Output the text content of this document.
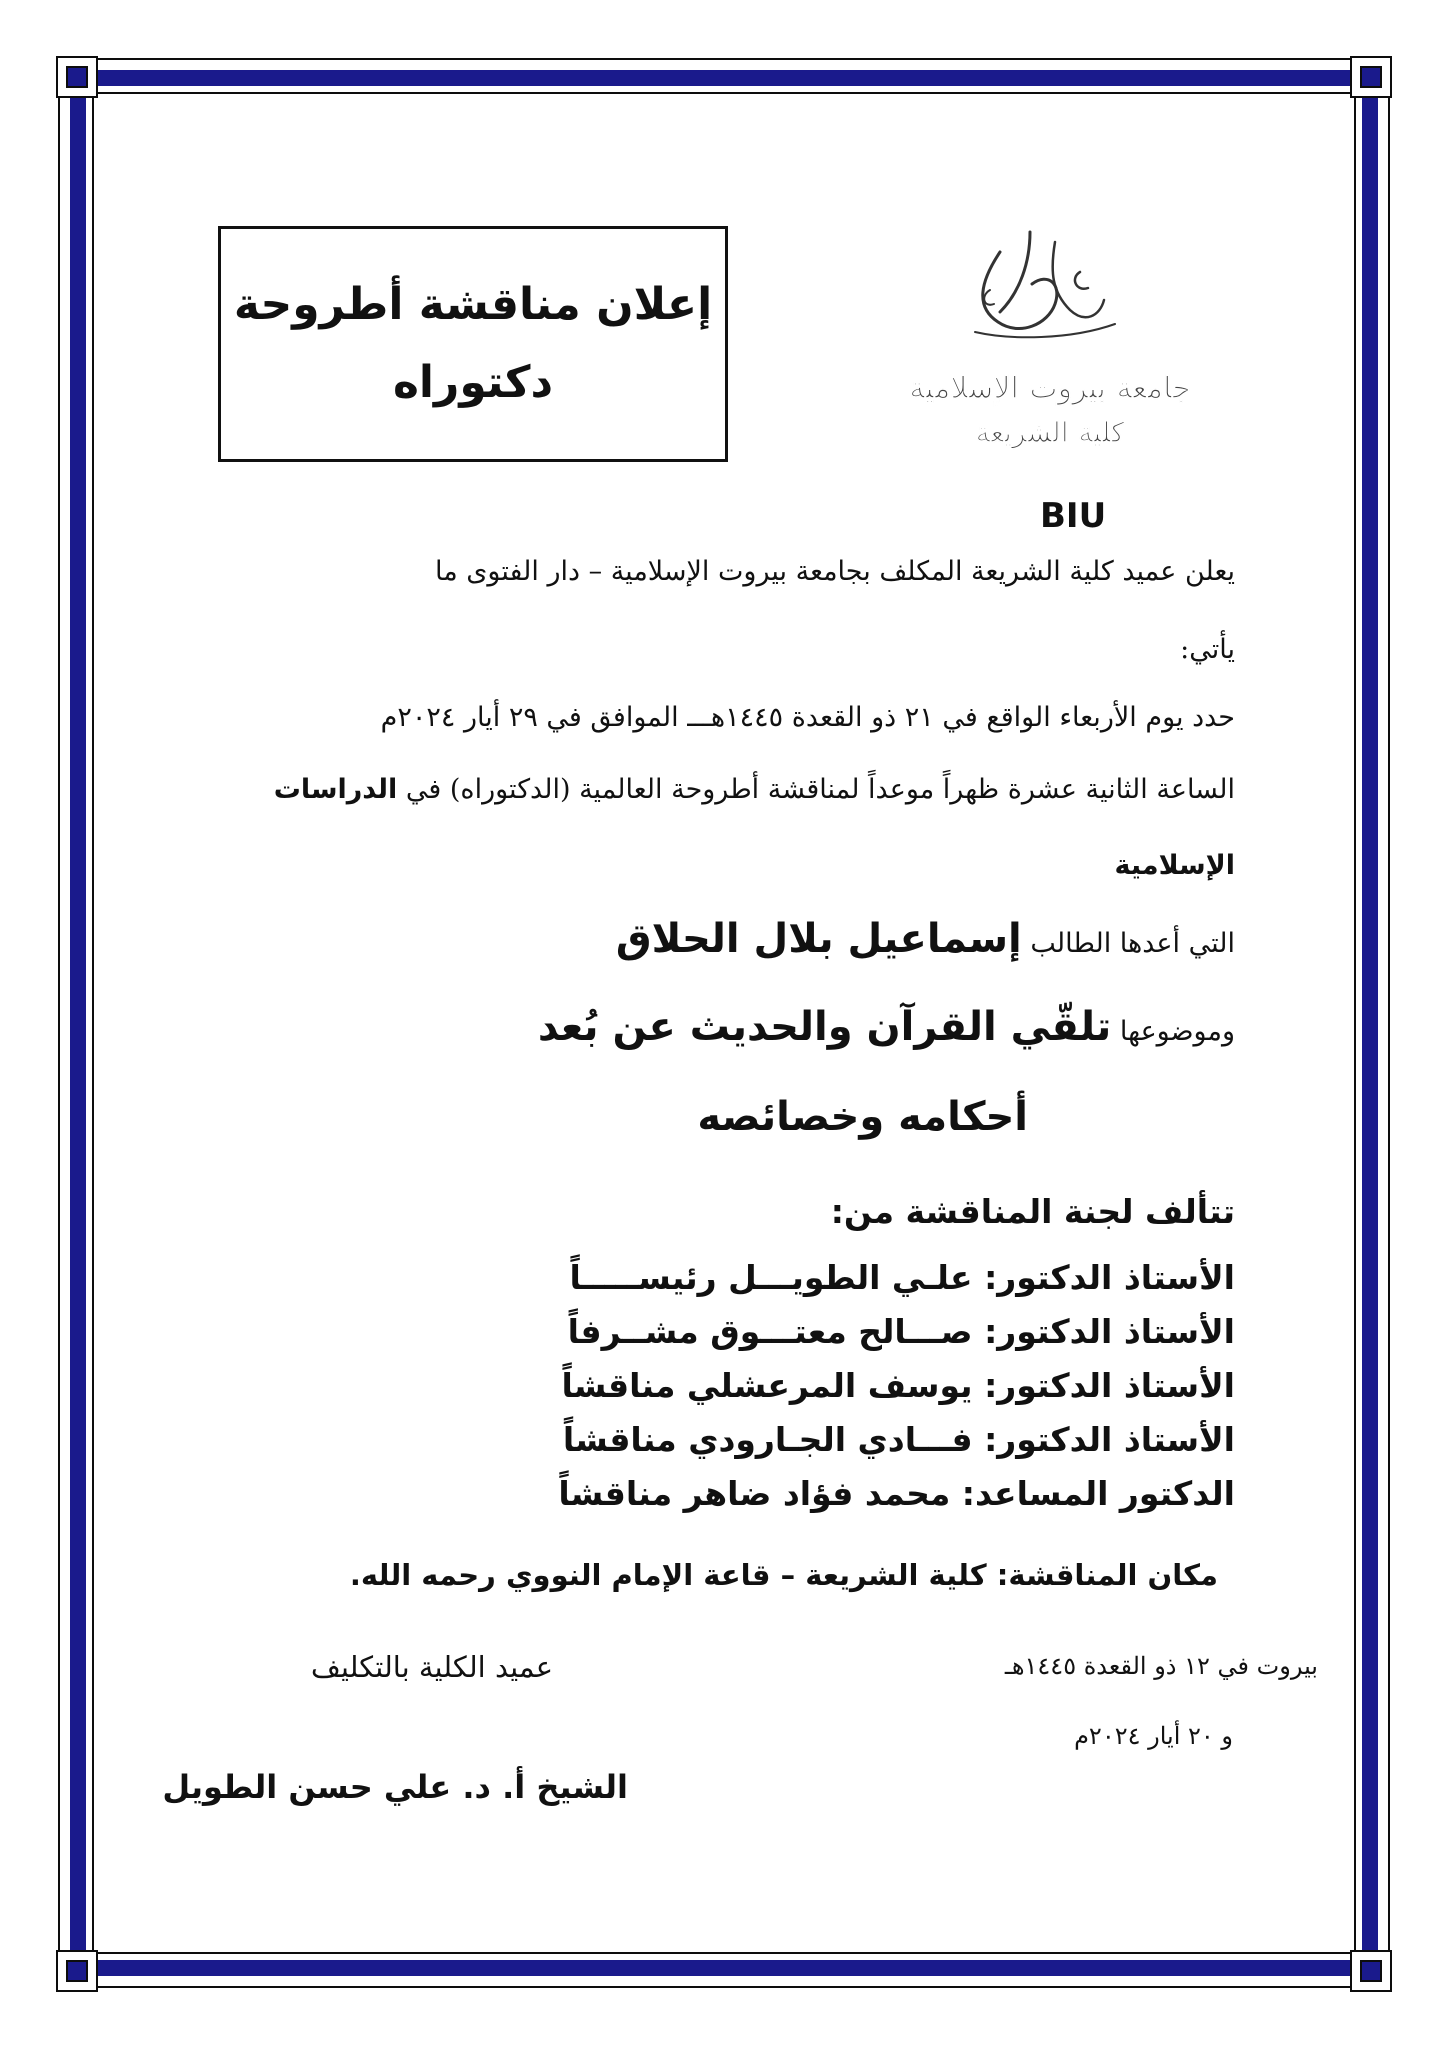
إعلان مناقشة أطروحة
دكتوراه	جامعة بيروت الإسلامية
كلية الشريعة
BIU
يعلن عميد كلية الشريعة المكلف بجامعة بيروت الإسلامية – دار الفتوى ما
يأتي:
حدد يوم الأربعاء الواقع في ٢١ ذو القعدة ١٤٤٥هـــ الموافق في ٢٩ أيار ٢٠٢٤م
الساعة الثانية عشرة ظهراً موعداً لمناقشة أطروحة العالمية (الدكتوراه) في الدراسات
الإسلامية
التي أعدها الطالب إسماعيل بلال الحلاق
وموضوعها تلقّي القرآن والحديث عن بُعد
أحكامه وخصائصه
تتألف لجنة المناقشة من:
الأستاذ الدكتور: علـي الطويـــل رئيســـــاً
الأستاذ الدكتور: صـــالح معتـــوق مشــرفاً
الأستاذ الدكتور: يوسف المرعشلي مناقشاً
الأستاذ الدكتور: فـــادي الجـارودي مناقشاً
الدكتور المساعد: محمد فؤاد ضاهر مناقشاً
مكان المناقشة: كلية الشريعة – قاعة الإمام النووي رحمه الله.
بيروت في ١٢ ذو القعدة ١٤٤٥هـ
و ٢٠ أيار ٢٠٢٤م
عميد الكلية بالتكليف
الشيخ أ. د. علي حسن الطويل
